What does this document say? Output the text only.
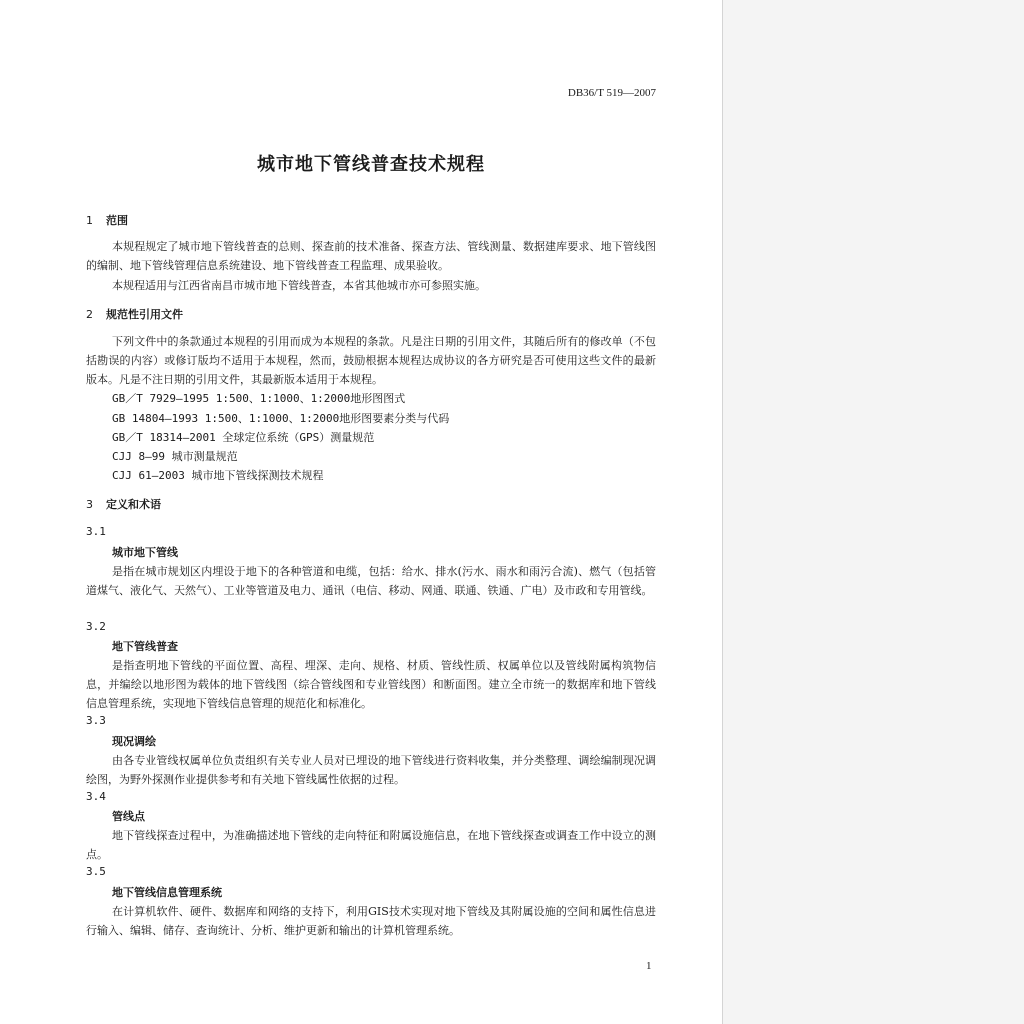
DB36/T 519—2007
城市地下管线普查技术规程
1 范围
本规程规定了城市地下管线普查的总则、探查前的技术准备、探查方法、管线测量、数据建库要求、地下管线图的编制、地下管线管理信息系统建设、地下管线普查工程监理、成果验收。
本规程适用与江西省南昌市城市地下管线普查，本省其他城市亦可参照实施。
2 规范性引用文件
下列文件中的条款通过本规程的引用而成为本规程的条款。凡是注日期的引用文件，其随后所有的修改单（不包括勘误的内容）或修订版均不适用于本规程，然而，鼓励根据本规程达成协议的各方研究是否可使用这些文件的最新版本。凡是不注日期的引用文件，其最新版本适用于本规程。
GB／T 7929—1995 1:500、1:1000、1:2000地形图图式
GB 14804—1993 1:500、1:1000、1:2000地形图要素分类与代码
GB／T 18314—2001 全球定位系统（GPS）测量规范
CJJ 8—99 城市测量规范
CJJ 61—2003 城市地下管线探测技术规程
3 定义和术语
3.1
城市地下管线
是指在城市规划区内埋设于地下的各种管道和电缆，包括：给水、排水(污水、雨水和雨污合流)、燃气（包括管道煤气、液化气、天然气）、工业等管道及电力、通讯（电信、移动、网通、联通、铁通、广电）及市政和专用管线。
3.2
地下管线普查
是指查明地下管线的平面位置、高程、埋深、走向、规格、材质、管线性质、权属单位以及管线附属构筑物信息，并编绘以地形图为载体的地下管线图（综合管线图和专业管线图）和断面图。建立全市统一的数据库和地下管线信息管理系统，实现地下管线信息管理的规范化和标准化。
3.3
现况调绘
由各专业管线权属单位负责组织有关专业人员对已埋设的地下管线进行资料收集，并分类整理、调绘编制现况调绘图，为野外探测作业提供参考和有关地下管线属性依据的过程。
3.4
管线点
地下管线探查过程中，为准确描述地下管线的走向特征和附属设施信息，在地下管线探查或调查工作中设立的测点。
3.5
地下管线信息管理系统
在计算机软件、硬件、数据库和网络的支持下，利用GIS技术实现对地下管线及其附属设施的空间和属性信息进行输入、编辑、储存、查询统计、分析、维护更新和输出的计算机管理系统。
1
